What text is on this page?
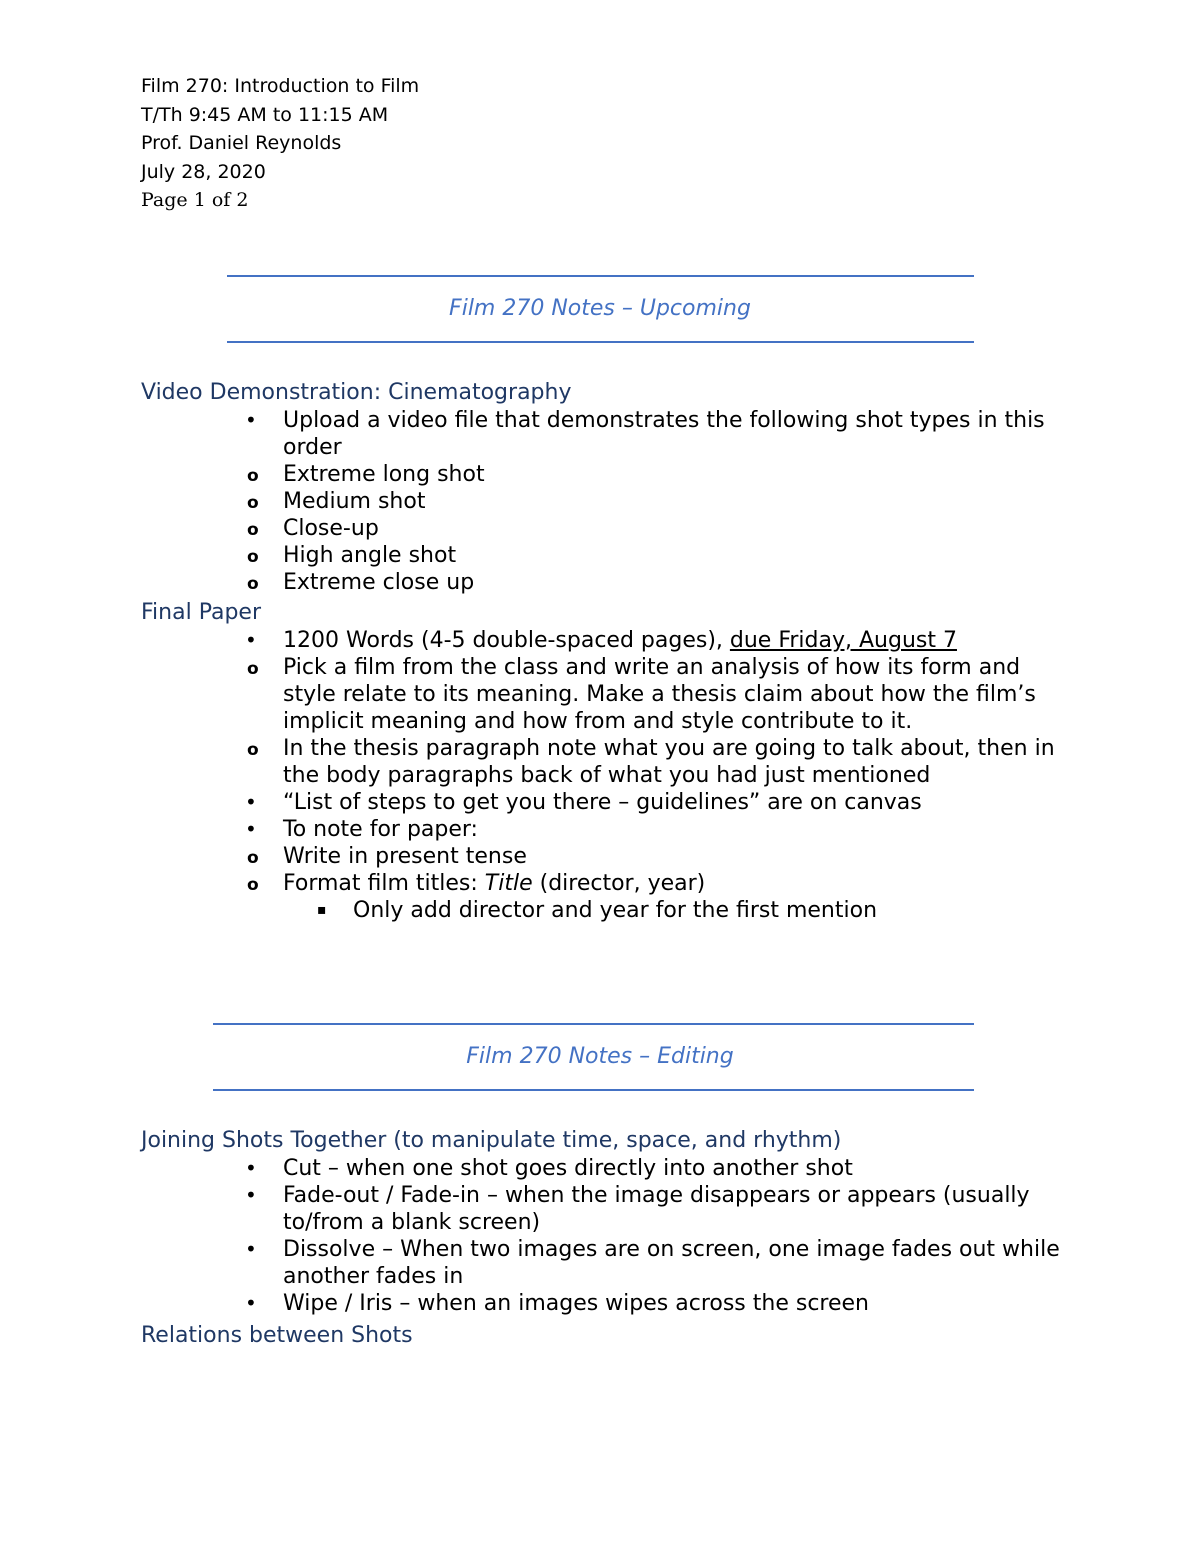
Film 270: Introduction to Film
T/Th 9:45 AM to 11:15 AM
Prof. Daniel Reynolds
July 28, 2020
Page 1 of 2
Film 270 Notes – Upcoming
Video Demonstration: Cinematography
•	Upload a video file that demonstrates the following shot types in this order
o	Extreme long shot
o	Medium shot
o	Close-up
o	High angle shot
o	Extreme close up
Final Paper
•	1200 Words (4-5 double-spaced pages), due Friday, August 7
o	Pick a film from the class and write an analysis of how its form and style relate to its meaning. Make a thesis claim about how the film’s implicit meaning and how from and style contribute to it.
o	In the thesis paragraph note what you are going to talk about, then in the body paragraphs back of what you had just mentioned
•	“List of steps to get you there – guidelines” are on canvas
•	To note for paper:
o	Write in present tense
o	Format film titles: Title (director, year)
▪	Only add director and year for the first mention
Film 270 Notes – Editing
Joining Shots Together (to manipulate time, space, and rhythm)
•	Cut – when one shot goes directly into another shot
•	Fade-out / Fade-in – when the image disappears or appears (usually to/from a blank screen)
•	Dissolve – When two images are on screen, one image fades out while another fades in
•	Wipe / Iris – when an images wipes across the screen
Relations between Shots
